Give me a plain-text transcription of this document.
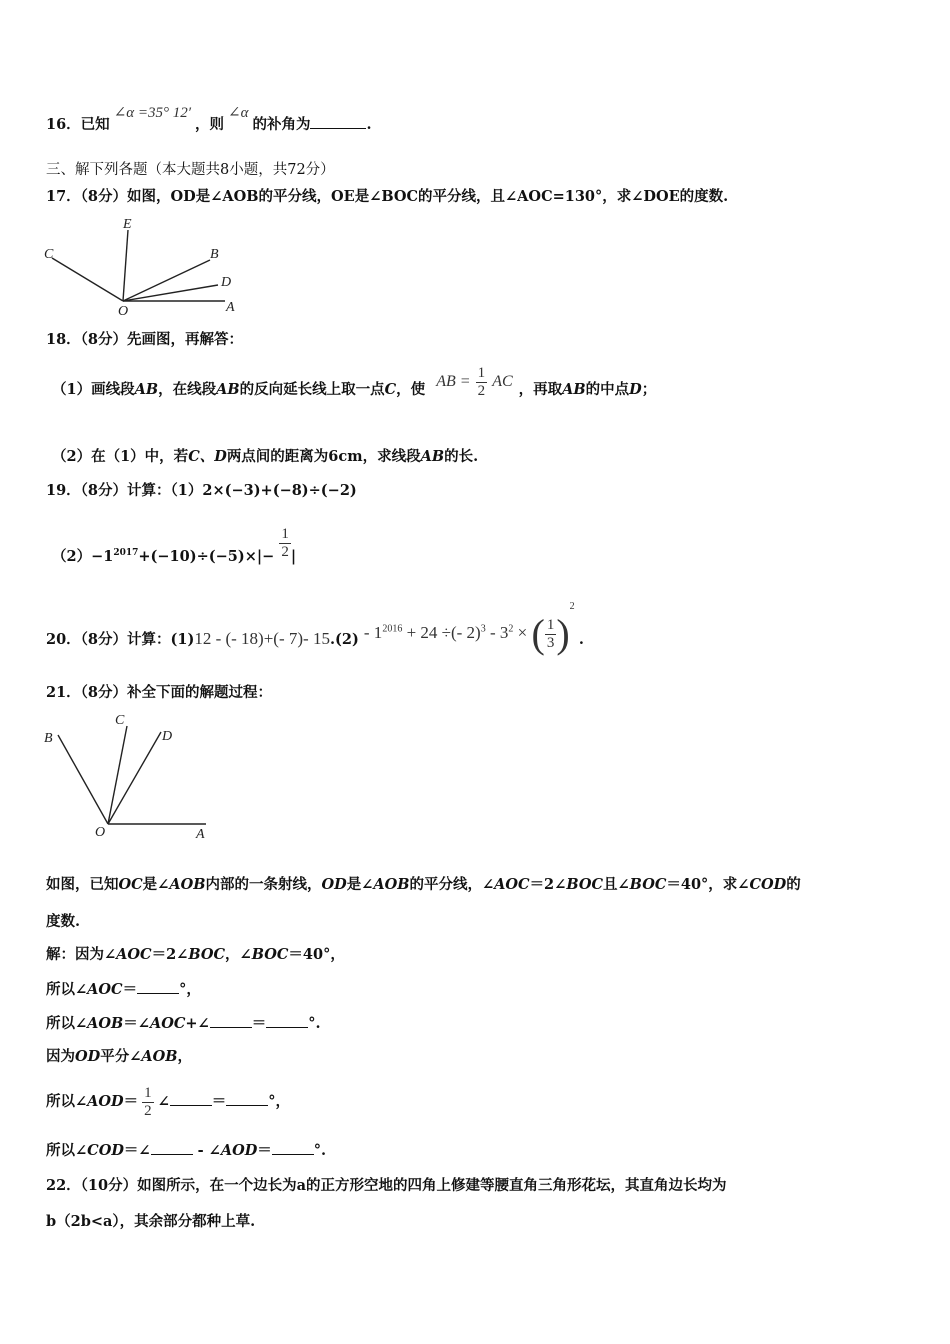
16．已知∠α =35° 12′，则∠α的补角为	.
三、解下列各题（本大题共8小题，共72分）
17．（8分）如图，OD是∠AOB的平分线，OE是∠BOC的平分线，且∠AOC=130°，求∠DOE的度数.
C
E
B
D
A
O
18．（8分）先画图，再解答：
（1）画线段AB，在线段AB的反向延长线上取一点C，使 AB = $\frac{1}{2}$ AC ，再取AB的中点D；
（2）在（1）中，若C、D两点间的距离为6cm，求线段AB的长.
19．（8分）计算：（1）2×(−3)+(−8)÷(−2)
$(2)-1^{2017}+(-10)\div(-5)\times|- \frac{1}{2}$ |
20．（8分）计算：(1)12 - (- 18)+(- 7)- $15.(2) - 1^{2016} + 24$ ÷(- $2)^3 - 3^2$ × ( $\frac{1}{3} )^2$ .
21．（8分）补全下面的解题过程：
B
C
D
O	A
如图，已知OC是∠AOB内部的一条射线，OD是∠AOB的平分线，∠AOC＝2∠BOC且∠BOC＝40°，求∠COD的
度数.
解：因为∠AOC＝2∠BOC，∠BOC＝40°，
所以∠AOC＝	°，
所以∠AOB＝∠AOC+∠	＝	°.
因为OD平分∠AOB，
所以∠AOD＝ $\frac{1}{2}$ ∠	＝	°，
所以∠COD＝∠	- ∠AOD＝	°.
22．（10分）如图所示，在一个边长为a的正方形空地的四角上修建等腰直角三角形花坛，其直角边长均为
b（2b<a），其余部分都种上草.
